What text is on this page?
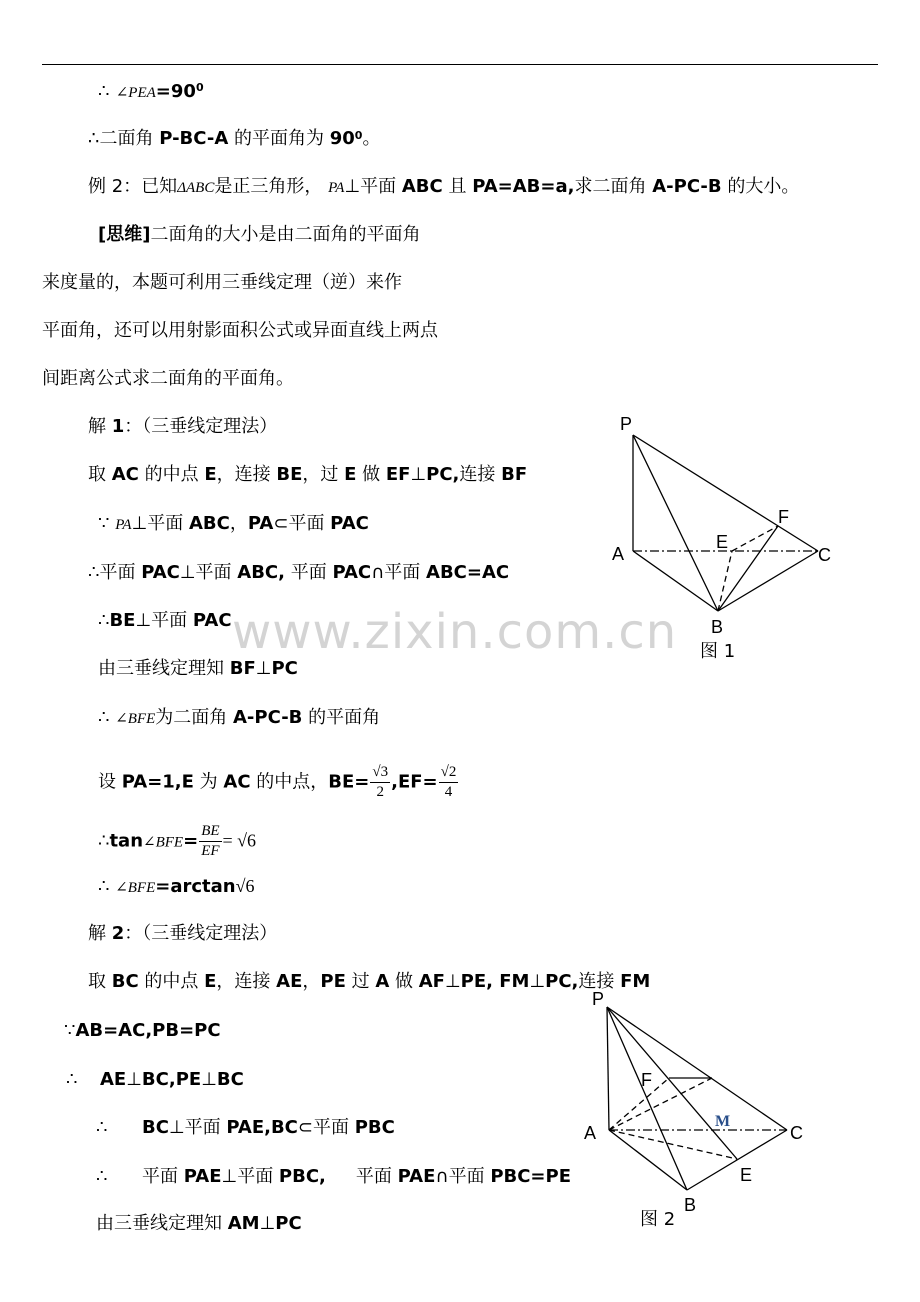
www.zixin.com.cn
∴ $\angle PEA=90^0$
∴二面角 P-BC-A 的平面角为 $90^0$。
例 2：已知ΔABC是正三角形， PA⊥平面 ABC 且 PA=AB=a,求二面角 A-PC-B 的大小。
[思维]二面角的大小是由二面角的平面角
来度量的，本题可利用三垂线定理（逆）来作
平面角，还可以用射影面积公式或异面直线上两点
间距离公式求二面角的平面角。
解 1：（三垂线定理法）
取 AC 的中点 E，连接 BE，过 E 做 EF⊥PC,连接 BF
∵ PA⊥平面 ABC，PA⊂平面 PAC
∴平面 PAC⊥平面 ABC, 平面 PAC∩平面 ABC=AC
∴BE⊥平面 PAC
由三垂线定理知 BF⊥PC
∴ ∠BFE为二面角 A-PC-B 的平面角
设 PA=1,E 为 AC 的中点，$BE= \frac{√3}{2} ,EF= \frac{√2}{4}$
∴tan∠BFE= $\frac{BE}{EF} = √6$
∴ ∠BFE=arctan√6
解 2：（三垂线定理法）
取 BC 的中点 E，连接 AE，PE 过 A 做 AF⊥PE, FM⊥PC,连接 FM
∵AB=AC,PB=PC
∴ AE⊥BC,PE⊥BC
∴ BC⊥平面 PAE,BC⊂平面 PBC
∴ 平面 PAE⊥平面 PBC, 平面 PAE∩平面 PBC=PE
由三垂线定理知 AM⊥PC
P
A
B
C
E
F
图 1
P
F
A	C
E
B
M
图 2
